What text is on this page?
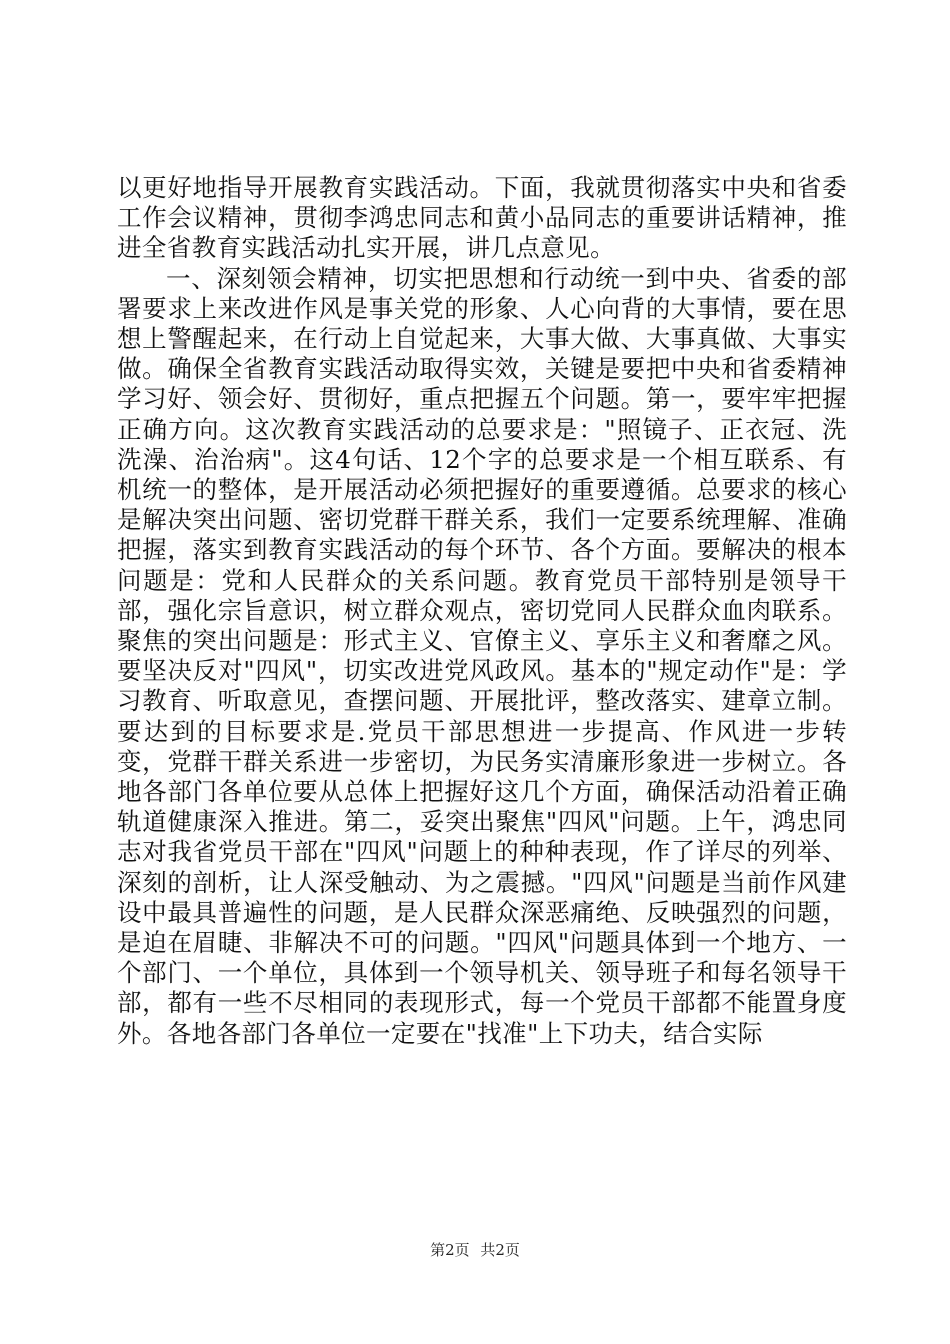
以更好地指导开展教育实践活动。下面，我就贯彻落实中央和省委工作会议精神，贯彻李鸿忠同志和黄小品同志的重要讲话精神，推进全省教育实践活动扎实开展，讲几点意见。

一、深刻领会精神，切实把思想和行动统一到中央、省委的部署要求上来改进作风是事关党的形象、人心向背的大事情，要在思想上警醒起来，在行动上自觉起来，大事大做、大事真做、大事实做。确保全省教育实践活动取得实效，关键是要把中央和省委精神学习好、领会好、贯彻好，重点把握五个问题。第一，要牢牢把握正确方向。这次教育实践活动的总要求是："照镜子、正衣冠、洗洗澡、治治病"。这4句话、12个字的总要求是一个相互联系、有机统一的整体，是开展活动必须把握好的重要遵循。总要求的核心是解决突出问题、密切党群干群关系，我们一定要系统理解、准确把握，落实到教育实践活动的每个环节、各个方面。要解决的根本问题是：党和人民群众的关系问题。教育党员干部特别是领导干部，强化宗旨意识，树立群众观点，密切党同人民群众血肉联系。聚焦的突出问题是：形式主义、官僚主义、享乐主义和奢靡之风。要坚决反对"四风"，切实改进党风政风。基本的"规定动作"是：学习教育、听取意见，查摆问题、开展批评，整改落实、建章立制。要达到的目标要求是.党员干部思想进一步提高、作风进一步转变，党群干群关系进一步密切，为民务实清廉形象进一步树立。各地各部门各单位要从总体上把握好这几个方面，确保活动沿着正确轨道健康深入推进。第二，妥突出聚焦"四风"问题。上午，鸿忠同志对我省党员干部在"四风"问题上的种种表现，作了详尽的列举、深刻的剖析，让人深受触动、为之震撼。"四风"问题是当前作风建设中最具普遍性的问题，是人民群众深恶痛绝、反映强烈的问题，是迫在眉睫、非解决不可的问题。"四风"问题具体到一个地方、一个部门、一个单位，具体到一个领导机关、领导班子和每名领导干部，都有一些不尽相同的表现形式，每一个党员干部都不能置身度外。各地各部门各单位一定要在"找准"上下功夫，结合实际

第2页 共2页
